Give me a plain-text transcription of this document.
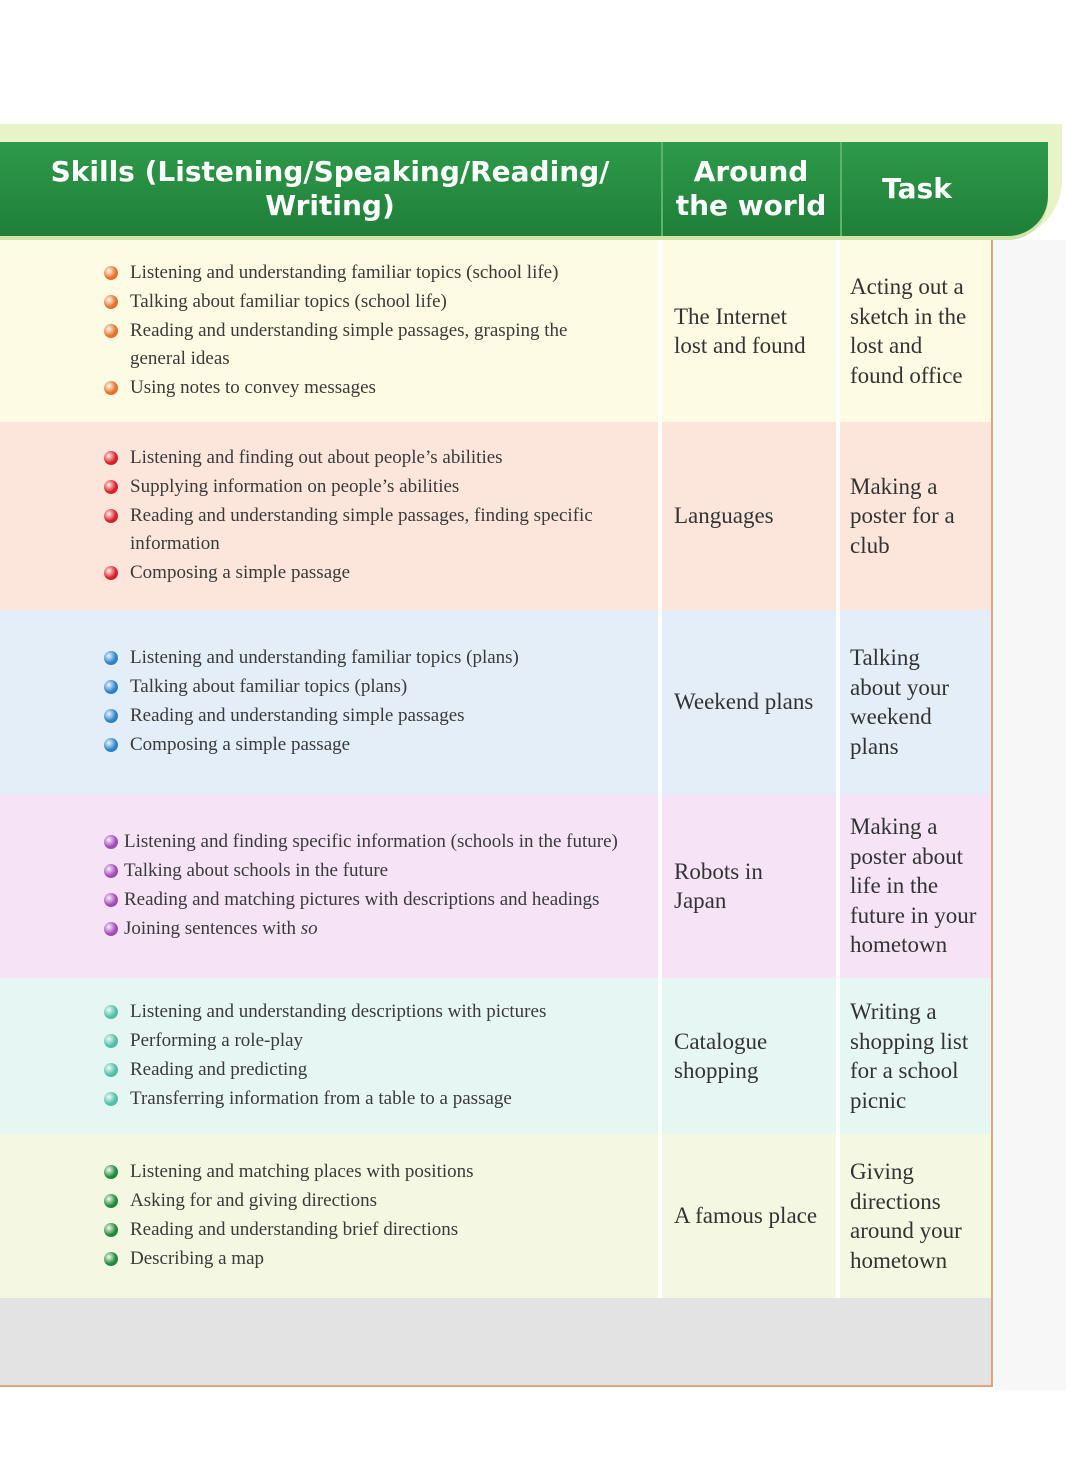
Skills (Listening/Speaking/Reading/ Writing)
Around the world
Task
Listening and understanding familiar topics (school life)
Talking about familiar topics (school life)
Reading and understanding simple passages, grasping the general ideas
Using notes to convey messages
The Internet lost and found
Acting out a sketch in the lost and found office
Listening and finding out about people’s abilities
Supplying information on people’s abilities
Reading and understanding simple passages, finding specific information
Composing a simple passage
Languages
Making a poster for a club
Listening and understanding familiar topics (plans)
Talking about familiar topics (plans)
Reading and understanding simple passages
Composing a simple passage
Weekend plans
Talking about your weekend plans
Listening and finding specific information (schools in the future)
Talking about schools in the future
Reading and matching pictures with descriptions and headings
Joining sentences with so
Robots in Japan
Making a poster about life in the future in your hometown
Listening and understanding descriptions with pictures
Performing a role-play
Reading and predicting
Transferring information from a table to a passage
Catalogue shopping
Writing a shopping list for a school picnic
Listening and matching places with positions
Asking for and giving directions
Reading and understanding brief directions
Describing a map
A famous place
Giving directions around your hometown
